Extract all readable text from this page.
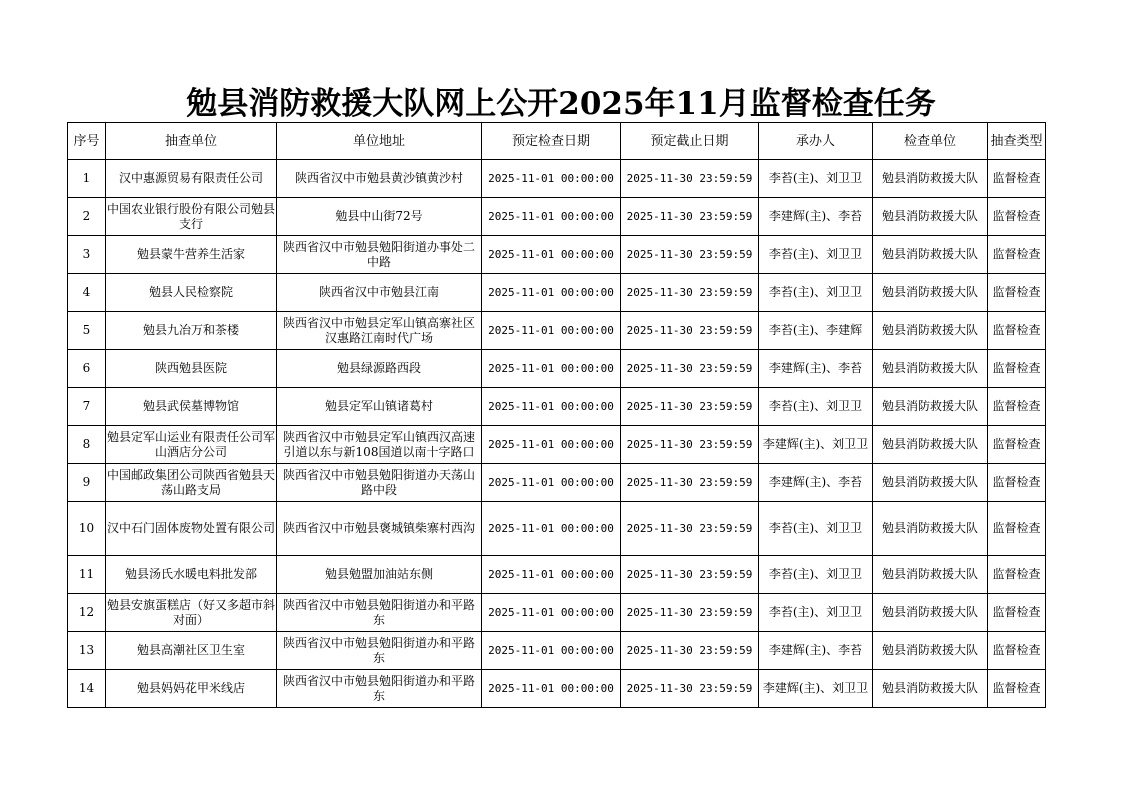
勉县消防救援大队网上公开2025年11月监督检查任务
序号	抽查单位	单位地址	预定检查日期	预定截止日期	承办人	检查单位	抽查类型

1	汉中惠源贸易有限责任公司	陕西省汉中市勉县黄沙镇黄沙村	2025-11-01 00:00:00	2025-11-30 23:59:59	李苔(主)、刘卫卫	勉县消防救援大队	监督检查

2	中国农业银行股份有限公司勉县支行	勉县中山街72号	2025-11-01 00:00:00	2025-11-30 23:59:59	李建辉(主)、李苔	勉县消防救援大队	监督检查

3	勉县蒙牛营养生活家	陕西省汉中市勉县勉阳街道办事处二中路	2025-11-01 00:00:00	2025-11-30 23:59:59	李苔(主)、刘卫卫	勉县消防救援大队	监督检查

4	勉县人民检察院	陕西省汉中市勉县江南	2025-11-01 00:00:00	2025-11-30 23:59:59	李苔(主)、刘卫卫	勉县消防救援大队	监督检查

5	勉县九冶万和茶楼	陕西省汉中市勉县定军山镇高寨社区汉惠路江南时代广场	2025-11-01 00:00:00	2025-11-30 23:59:59	李苔(主)、李建辉	勉县消防救援大队	监督检查

6	陕西勉县医院	勉县绿源路西段	2025-11-01 00:00:00	2025-11-30 23:59:59	李建辉(主)、李苔	勉县消防救援大队	监督检查

7	勉县武侯墓博物馆	勉县定军山镇诸葛村	2025-11-01 00:00:00	2025-11-30 23:59:59	李苔(主)、刘卫卫	勉县消防救援大队	监督检查

8	勉县定军山运业有限责任公司军山酒店分公司	陕西省汉中市勉县定军山镇西汉高速引道以东与新108国道以南十字路口	2025-11-01 00:00:00	2025-11-30 23:59:59	李建辉(主)、刘卫卫	勉县消防救援大队	监督检查

9	中国邮政集团公司陕西省勉县天荡山路支局	陕西省汉中市勉县勉阳街道办天荡山路中段	2025-11-01 00:00:00	2025-11-30 23:59:59	李建辉(主)、李苔	勉县消防救援大队	监督检查

10	汉中石门固体废物处置有限公司	陕西省汉中市勉县褒城镇柴寨村西沟	2025-11-01 00:00:00	2025-11-30 23:59:59	李苔(主)、刘卫卫	勉县消防救援大队	监督检查

11	勉县汤氏水暖电料批发部	勉县勉盟加油站东侧	2025-11-01 00:00:00	2025-11-30 23:59:59	李苔(主)、刘卫卫	勉县消防救援大队	监督检查

12	勉县安旗蛋糕店（好又多超市斜对面）	陕西省汉中市勉县勉阳街道办和平路东	2025-11-01 00:00:00	2025-11-30 23:59:59	李苔(主)、刘卫卫	勉县消防救援大队	监督检查

13	勉县高潮社区卫生室	陕西省汉中市勉县勉阳街道办和平路东	2025-11-01 00:00:00	2025-11-30 23:59:59	李建辉(主)、李苔	勉县消防救援大队	监督检查

14	勉县妈妈花甲米线店	陕西省汉中市勉县勉阳街道办和平路东	2025-11-01 00:00:00	2025-11-30 23:59:59	李建辉(主)、刘卫卫	勉县消防救援大队	监督检查
